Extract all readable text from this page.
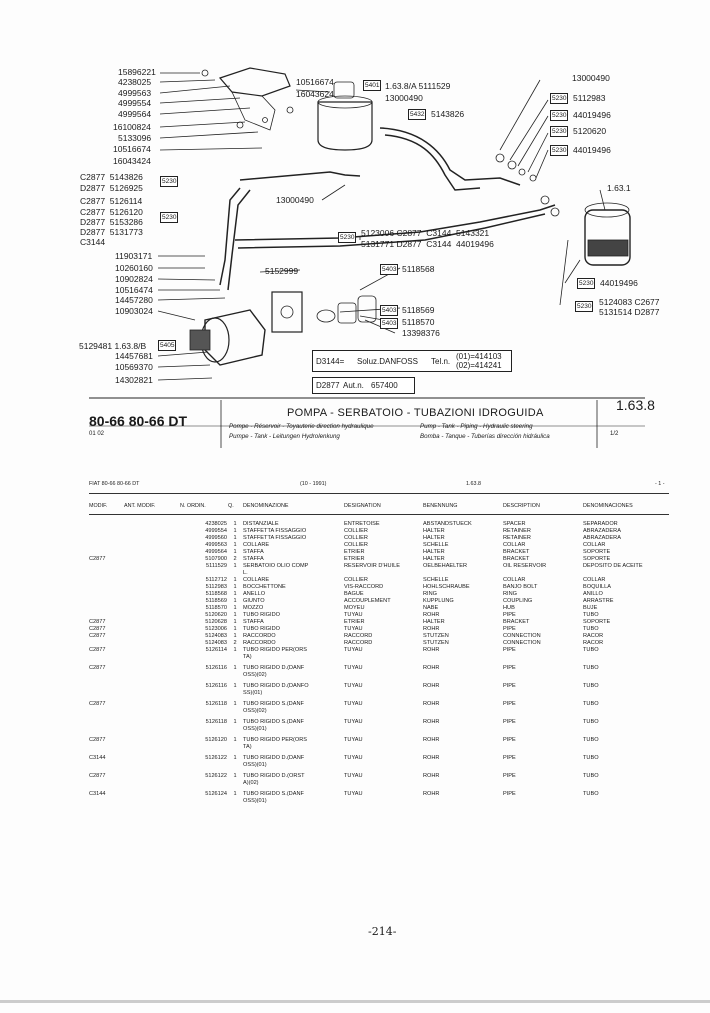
15896221
4238025
4999563
4999554
4999564
16100824
5133096
10516674
16043424
C2877 5143826
D2877 5126925
C2877 5126114
C2877 5126120
D2877 5153286
D2877 5131773
C3144
5230
5230
11903171
10260160
10902824
10516474
14457280
10903024
5129481 1.63.8/B	5405
14457681
10569370
14302821
10516674
16043624
5401 1.63.8/A 5111529
13000490
5432 5143826
13000490
5230 5112983
5230 44019496
5230 5120620
5230 44019496
1.63.1
5230 44019496
5230 5124083 C2677
5131514 D2877
13000490
5152999
5230 5123006 C2877 C3144 5143321
5131771 D2877 C3144 44019496
5403 5118568
5403 5118569
5403 5118570
13398376
D3144= Soluz.DANFOSS Tel.n.
(01)=414103
(02)=414241
D2877 Aut.n. 657400
80-66 80-66 DT
01 02
POMPA - SERBATOIO - TUBAZIONI IDROGUIDA
Pompe - Réservoir - Toyauterie direction hydraulique
Pumpe - Tank - Leitungen Hydrolenkung
Pump - Tank - Piping - Hydraulic steering
Bomba - Tanque - Tuberías dirección hidráulica
1.63.8
1/2
FIAT 80-66 80-66 DT	(10 - 1991)	1.63.8	- 1 -
MODIF.	ANT. MODIF.	N. ORDIN.	Q. DENOMINAZIONE	DESIGNATION	BENENNUNG	DESCRIPTION	DENOMINACIONES
	4238025	1	DISTANZIALE	ENTRETOISE	ABSTANDSTUECK	SPACER	SEPARADOR
	4999554	1	STAFFETTA FISSAGGIO	COLLIER	HALTER	RETAINER	ABRAZADERA
	4999560	1	STAFFETTA FISSAGGIO	COLLIER	HALTER	RETAINER	ABRAZADERA
	4999563	1	COLLARE	COLLIER	SCHELLE	COLLAR	COLLAR
	4999564	1	STAFFA	ETRIER	HALTER	BRACKET	SOPORTE
C2877	5107900	2	STAFFA	ETRIER	HALTER	BRACKET	SOPORTE
	5111529	1	SERBATOIO OLIO COMP	RESERVOIR D'HUILE	OELBEHAELTER	OIL RESERVOIR	DEPOSITO DE ACEITE
			L.				
	5112712	1	COLLARE	COLLIER	SCHELLE	COLLAR	COLLAR
	5112983	1	BOCCHETTONE	VIS-RACCORD	HOHLSCHRAUBE	BANJO BOLT	BOQUILLA
	5118568	1	ANELLO	BAGUE	RING	RING	ANILLO
	5118569	1	GIUNTO	ACCOUPLEMENT	KUPPLUNG	COUPLING	ARRASTRE
	5118570	1	MOZZO	MOYEU	NABE	HUB	BUJE
	5120620	1	TUBO RIGIDO	TUYAU	ROHR	PIPE	TUBO
C2877	5120628	1	STAFFA	ETRIER	HALTER	BRACKET	SOPORTE
C2877	5123006	1	TUBO RIGIDO	TUYAU	ROHR	PIPE	TUBO
C2877	5124083	1	RACCORDO	RACCORD	STUTZEN	CONNECTION	RACOR
	5124083	2	RACCORDO	RACCORD	STUTZEN	CONNECTION	RACOR
C2877	5126114	1	TUBO RIGIDO PER(ORS	TUYAU	ROHR	PIPE	TUBO
			TA)				
C2877	5126116	1	TUBO RIGIDO D.(DANF	TUYAU	ROHR	PIPE	TUBO
			OSS)(02)				
	5126116	1	TUBO RIGIDO D.(DANFO	TUYAU	ROHR	PIPE	TUBO
			SS)(01)				
C2877	5126118	1	TUBO RIGIDO S.(DANF	TUYAU	ROHR	PIPE	TUBO
			OSS)(02)				
	5126118	1	TUBO RIGIDO S.(DANF	TUYAU	ROHR	PIPE	TUBO
			OSS)(01)				
C2877	5126120	1	TUBO RIGIDO PER(ORS	TUYAU	ROHR	PIPE	TUBO
			TA)				
C3144	5126122	1	TUBO RIGIDO D.(DANF	TUYAU	ROHR	PIPE	TUBO
			OSS)(01)				
C2877	5126122	1	TUBO RIGIDO D.(ORST	TUYAU	ROHR	PIPE	TUBO
			A)(02)				
C3144	5126124	1	TUBO RIGIDO S.(DANF	TUYAU	ROHR	PIPE	TUBO
			OSS)(01)				
-214-
